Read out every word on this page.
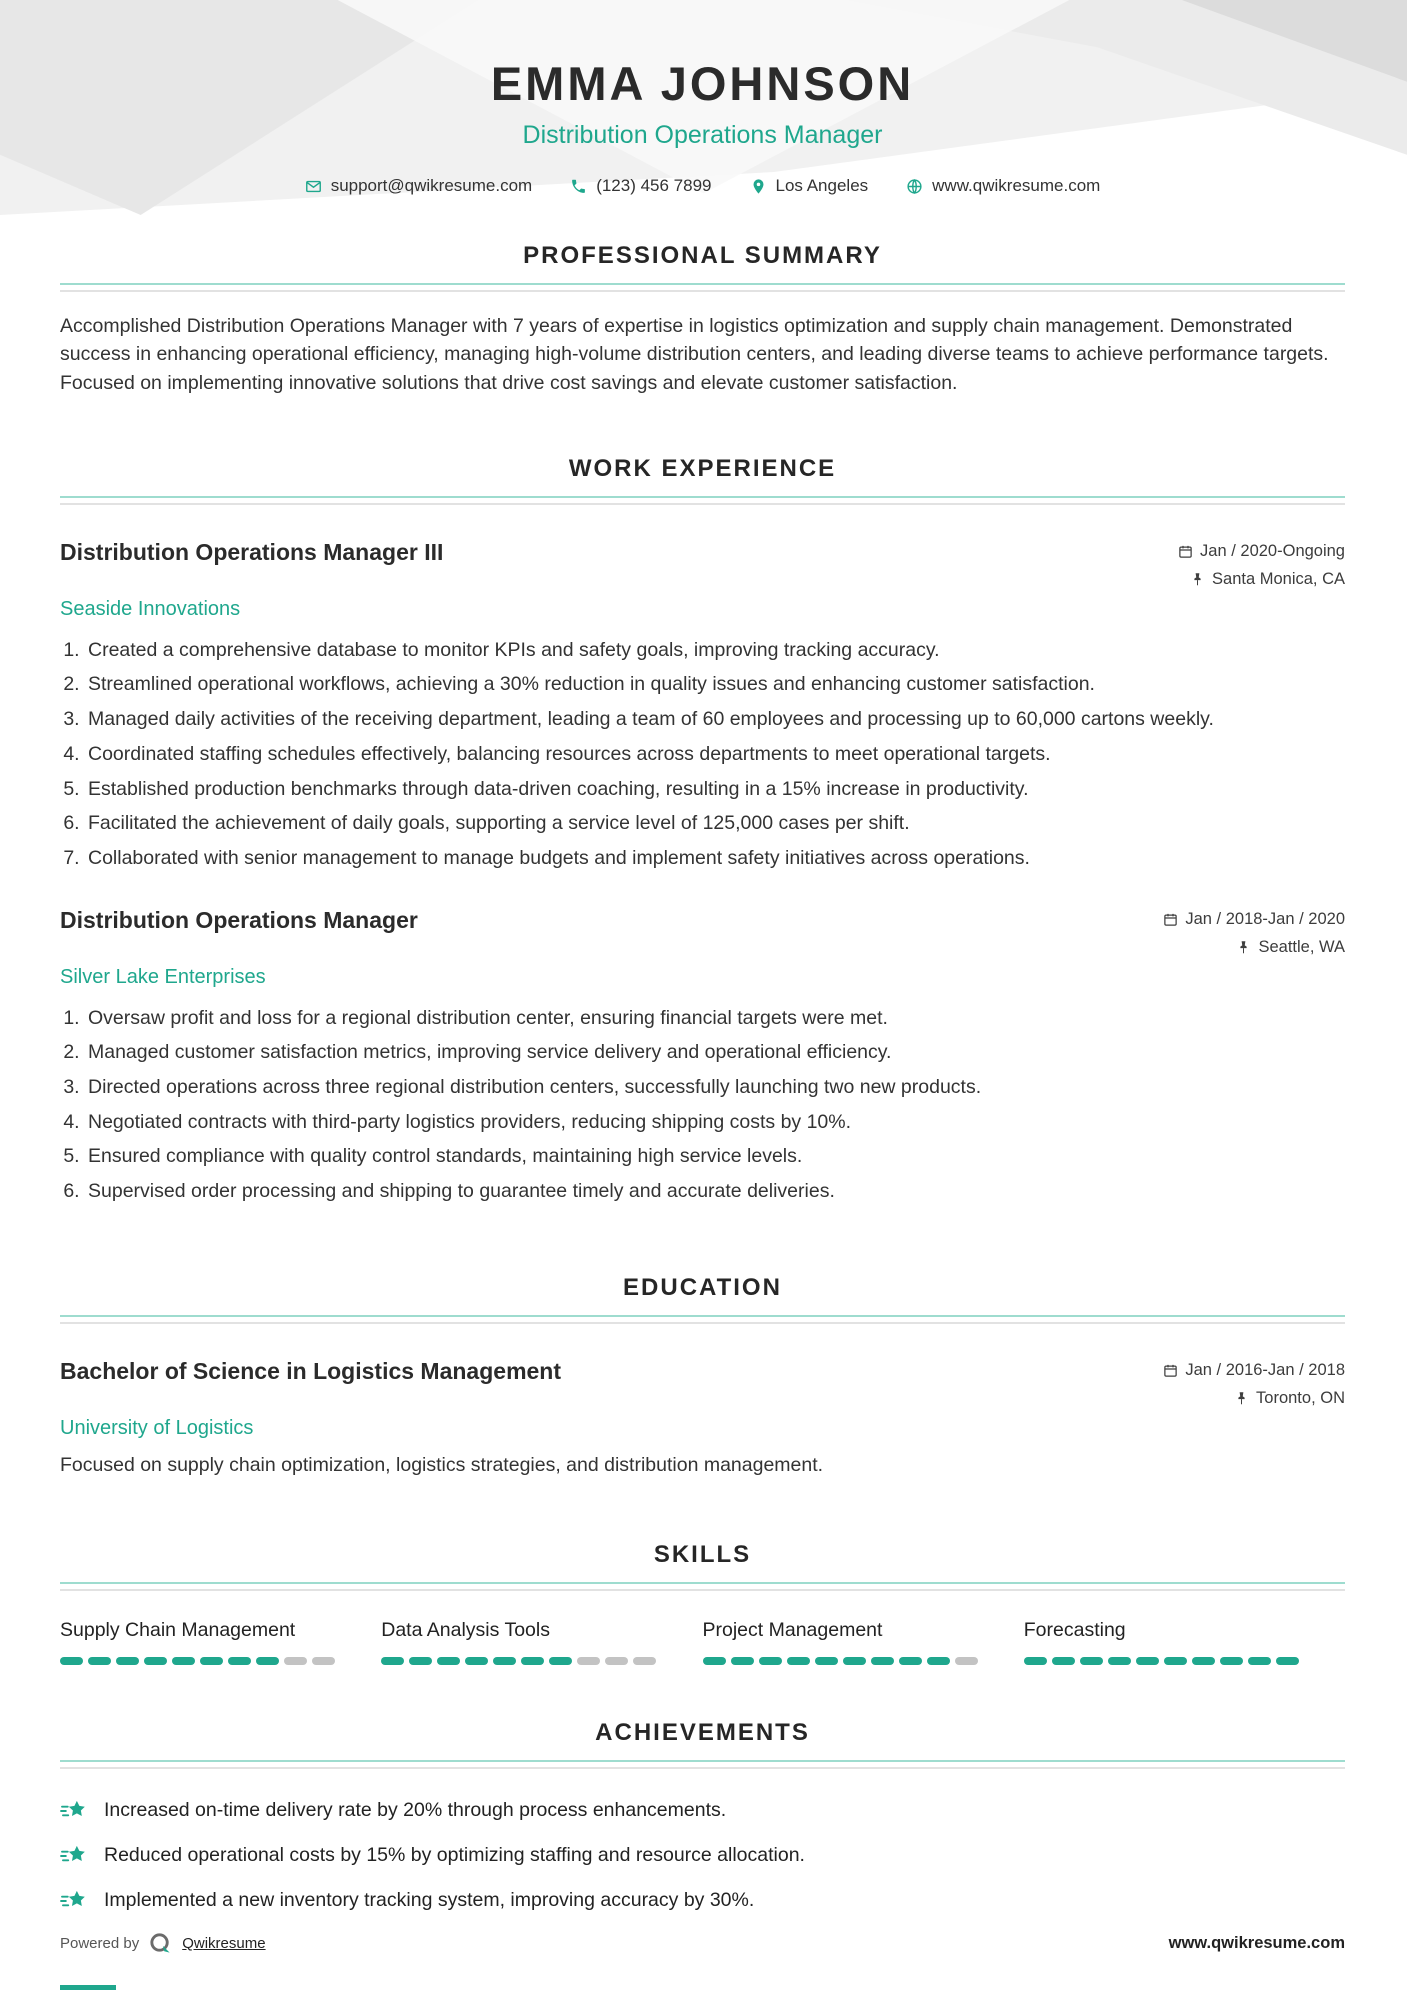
EMMA JOHNSON
Distribution Operations Manager
support@qwikresume.com	(123) 456 7899	Los Angeles	www.qwikresume.com
PROFESSIONAL SUMMARY

Accomplished Distribution Operations Manager with 7 years of expertise in logistics optimization and supply chain management. Demonstrated success in enhancing operational efficiency, managing high-volume distribution centers, and leading diverse teams to achieve performance targets. Focused on implementing innovative solutions that drive cost savings and elevate customer satisfaction.

WORK EXPERIENCE
Distribution Operations Manager III	Jan / 2020-Ongoing
Santa Monica, CA
Seaside Innovations
1. Created a comprehensive database to monitor KPIs and safety goals, improving tracking accuracy.
2. Streamlined operational workflows, achieving a 30% reduction in quality issues and enhancing customer satisfaction.
3. Managed daily activities of the receiving department, leading a team of 60 employees and processing up to 60,000 cartons weekly.
4. Coordinated staffing schedules effectively, balancing resources across departments to meet operational targets.
5. Established production benchmarks through data-driven coaching, resulting in a 15% increase in productivity.
6. Facilitated the achievement of daily goals, supporting a service level of 125,000 cases per shift.
7. Collaborated with senior management to manage budgets and implement safety initiatives across operations.
Distribution Operations Manager	Jan / 2018-Jan / 2020
Seattle, WA
Silver Lake Enterprises
1. Oversaw profit and loss for a regional distribution center, ensuring financial targets were met.
2. Managed customer satisfaction metrics, improving service delivery and operational efficiency.
3. Directed operations across three regional distribution centers, successfully launching two new products.
4. Negotiated contracts with third-party logistics providers, reducing shipping costs by 10%.
5. Ensured compliance with quality control standards, maintaining high service levels.
6. Supervised order processing and shipping to guarantee timely and accurate deliveries.
EDUCATION
Bachelor of Science in Logistics Management	Jan / 2016-Jan / 2018
Toronto, ON
University of Logistics

Focused on supply chain optimization, logistics strategies, and distribution management.

SKILLS
Supply Chain Management	Data Analysis Tools	Project Management	Forecasting
ACHIEVEMENTS
Increased on-time delivery rate by 20% through process enhancements.
Reduced operational costs by 15% by optimizing staffing and resource allocation.
Implemented a new inventory tracking system, improving accuracy by 30%.
Powered by	Qwikresume	www.qwikresume.com
